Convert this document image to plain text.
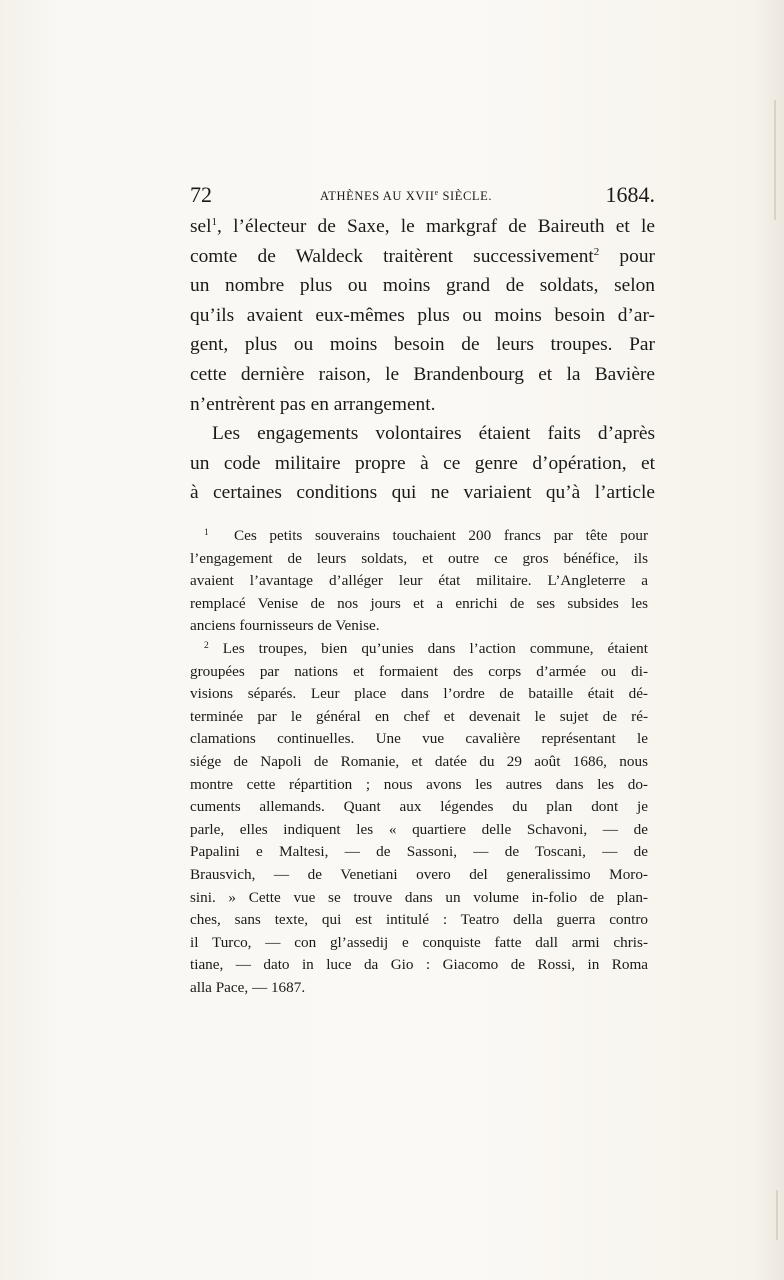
72	ATHÈNES AU XVIIe SIÈCLE.	1684.
sel$^1$, l’électeur de Saxe, le markgraf de Baireuth et le
comte de Waldeck traitèrent successivement$^2$ pour
un nombre plus ou moins grand de soldats, selon
qu’ils avaient eux-mêmes plus ou moins besoin d’ar-
gent, plus ou moins besoin de leurs troupes. Par
cette dernière raison, le Brandenbourg et la Bavière
n’entrèrent pas en arrangement.
Les engagements volontaires étaient faits d’après
un code militaire propre à ce genre d’opération, et
à certaines conditions qui ne variaient qu’à l’article
$^1$ Ces petits souverains touchaient 200 francs par tête pour
l’engagement de leurs soldats, et outre ce gros bénéfice, ils
avaient l’avantage d’alléger leur état militaire. L’Angleterre a
remplacé Venise de nos jours et a enrichi de ses subsides les
anciens fournisseurs de Venise.
$^2$ Les troupes, bien qu’unies dans l’action commune, étaient
groupées par nations et formaient des corps d’armée ou di-
visions séparés. Leur place dans l’ordre de bataille était dé-
terminée par le général en chef et devenait le sujet de ré-
clamations continuelles. Une vue cavalière représentant le
siége de Napoli de Romanie, et datée du 29 août 1686, nous
montre cette répartition ; nous avons les autres dans les do-
cuments allemands. Quant aux légendes du plan dont je
parle, elles indiquent les « quartiere delle Schavoni, — de
Papalini e Maltesi, — de Sassoni, — de Toscani, — de
Brausvich, — de Venetiani overo del generalissimo Moro-
sini. » Cette vue se trouve dans un volume in-folio de plan-
ches, sans texte, qui est intitulé : Teatro della guerra contro
il Turco, — con gl’assedij e conquiste fatte dall armi chris-
tiane, — dato in luce da Gio : Giacomo de Rossi, in Roma
alla Pace, — 1687.
